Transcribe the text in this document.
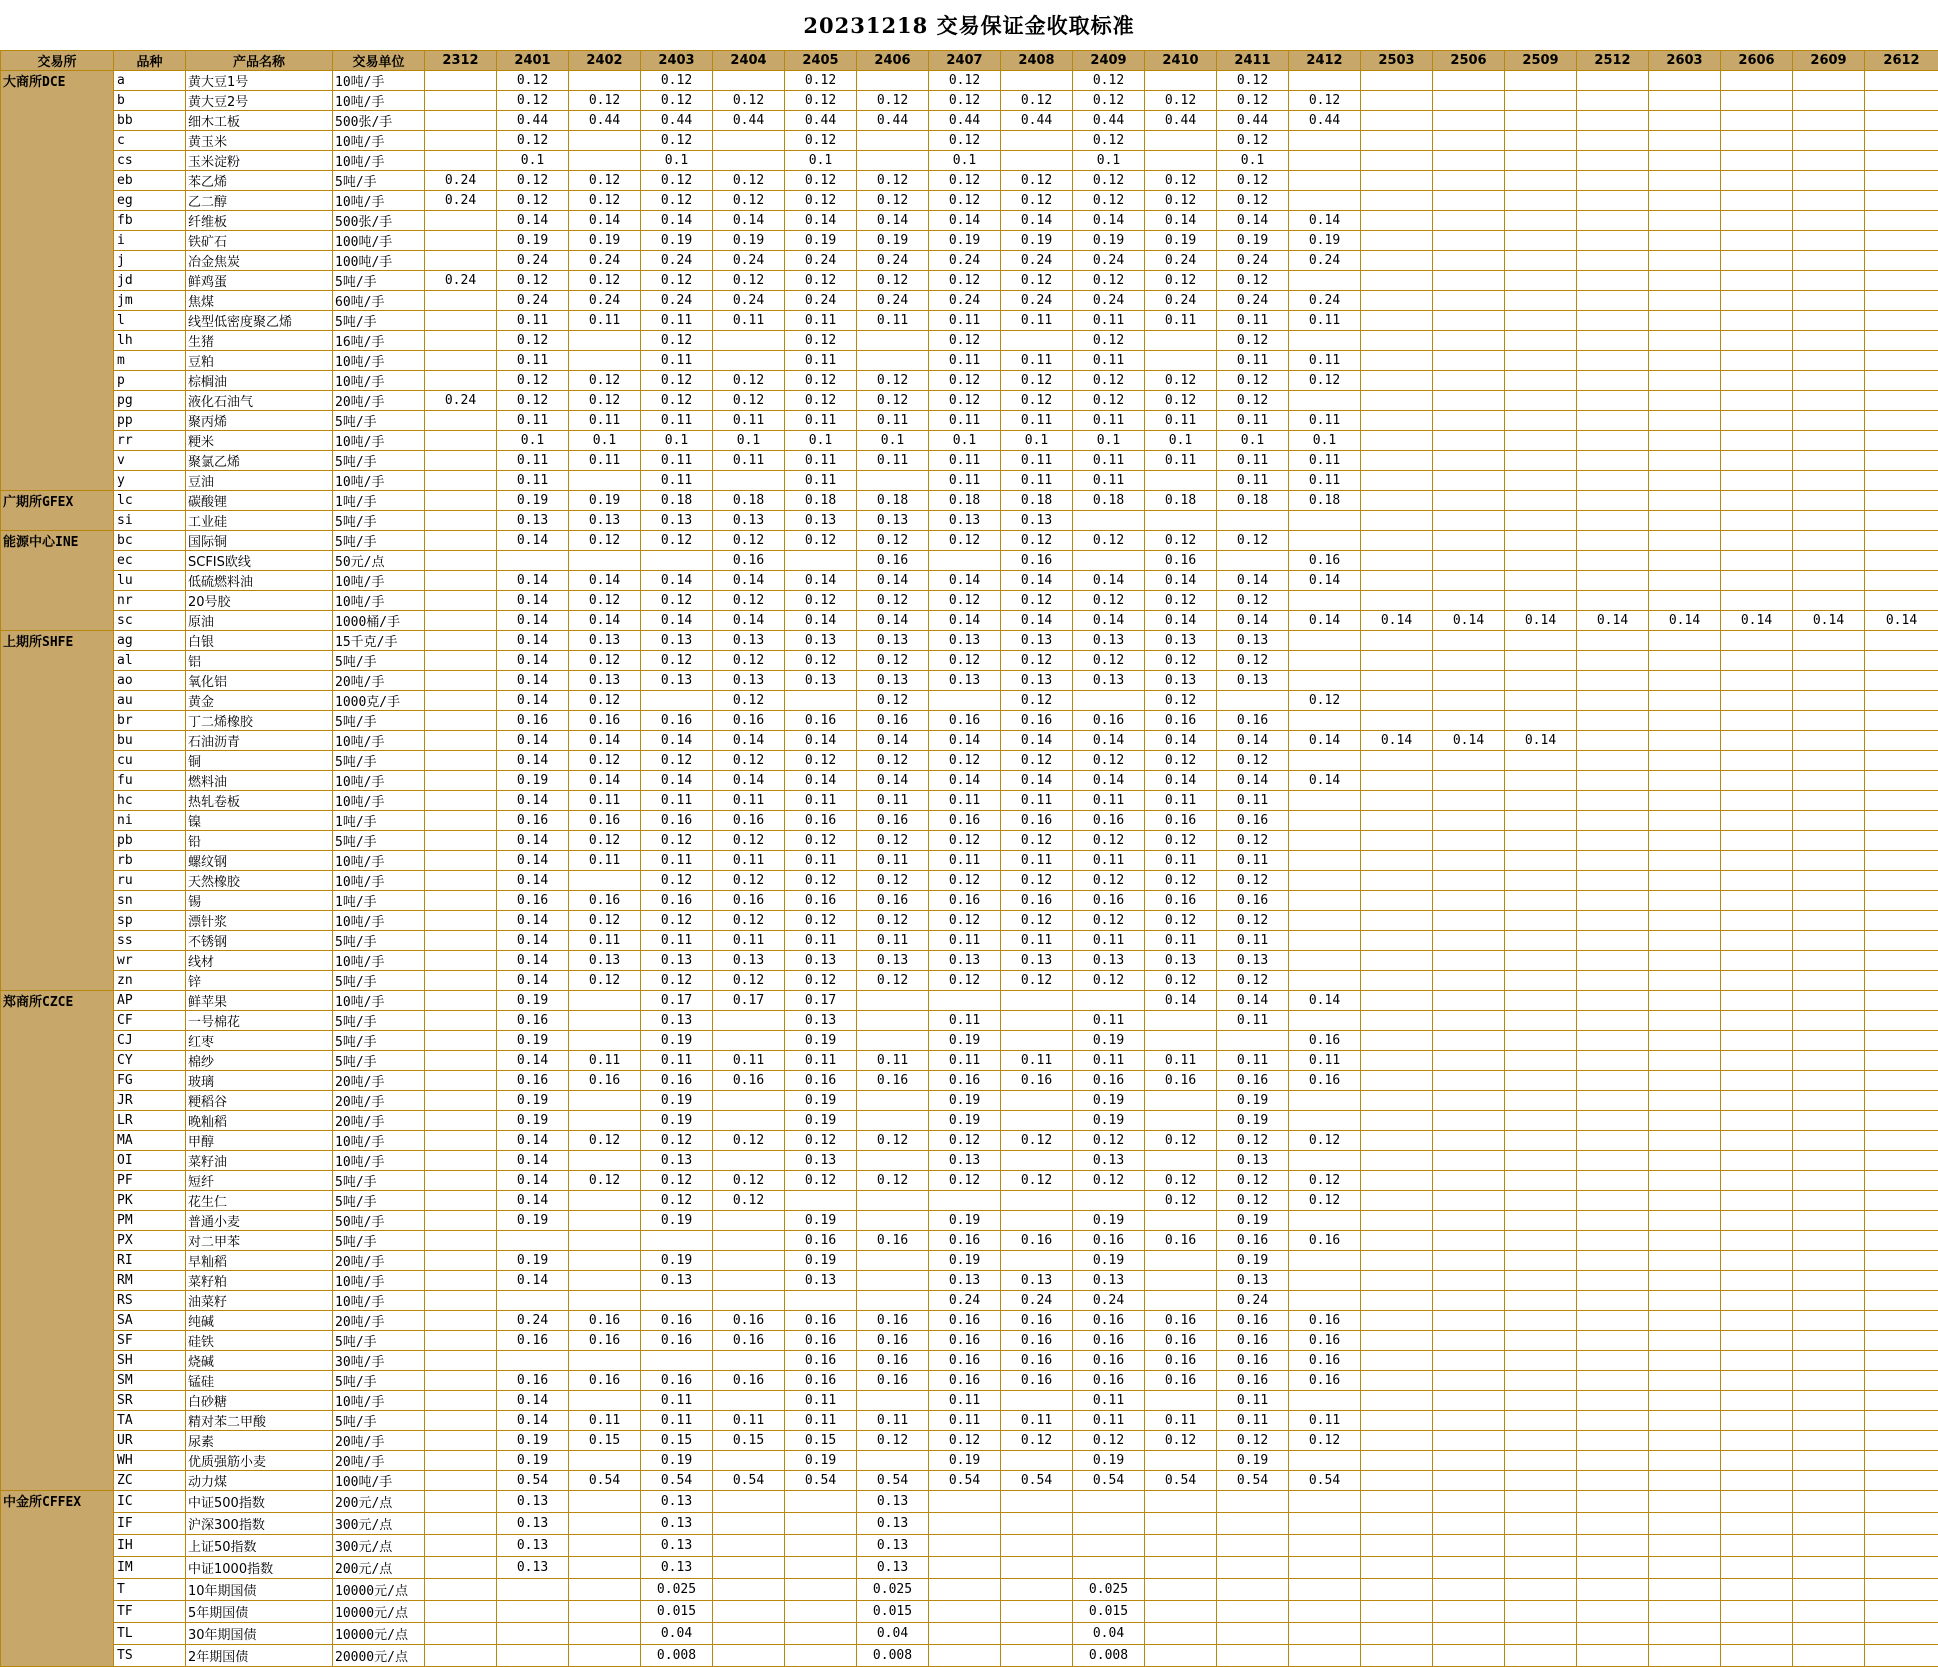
20231218 交易保证金收取标准
交易所	品种	产品名称	交易单位	2312	2401	2402	2403	2404	2405	2406	2407	2408	2409	2410	2411	2412	2503	2506	2509	2512	2603	2606	2609	2612
大商所DCE	a	黄大豆1号	10吨/手		0.12		0.12		0.12		0.12		0.12		0.12									
	b	黄大豆2号	10吨/手		0.12	0.12	0.12	0.12	0.12	0.12	0.12	0.12	0.12	0.12	0.12	0.12								
	bb	细木工板	500张/手		0.44	0.44	0.44	0.44	0.44	0.44	0.44	0.44	0.44	0.44	0.44	0.44								
	c	黄玉米	10吨/手		0.12		0.12		0.12		0.12		0.12		0.12									
	cs	玉米淀粉	10吨/手		0.1		0.1		0.1		0.1		0.1		0.1									
	eb	苯乙烯	5吨/手	0.24	0.12	0.12	0.12	0.12	0.12	0.12	0.12	0.12	0.12	0.12	0.12									
	eg	乙二醇	10吨/手	0.24	0.12	0.12	0.12	0.12	0.12	0.12	0.12	0.12	0.12	0.12	0.12									
	fb	纤维板	500张/手		0.14	0.14	0.14	0.14	0.14	0.14	0.14	0.14	0.14	0.14	0.14	0.14								
	i	铁矿石	100吨/手		0.19	0.19	0.19	0.19	0.19	0.19	0.19	0.19	0.19	0.19	0.19	0.19								
	j	冶金焦炭	100吨/手		0.24	0.24	0.24	0.24	0.24	0.24	0.24	0.24	0.24	0.24	0.24	0.24								
	jd	鲜鸡蛋	5吨/手	0.24	0.12	0.12	0.12	0.12	0.12	0.12	0.12	0.12	0.12	0.12	0.12									
	jm	焦煤	60吨/手		0.24	0.24	0.24	0.24	0.24	0.24	0.24	0.24	0.24	0.24	0.24	0.24								
	l	线型低密度聚乙烯	5吨/手		0.11	0.11	0.11	0.11	0.11	0.11	0.11	0.11	0.11	0.11	0.11	0.11								
	lh	生猪	16吨/手		0.12		0.12		0.12		0.12		0.12		0.12									
	m	豆粕	10吨/手		0.11		0.11		0.11		0.11	0.11	0.11		0.11	0.11								
	p	棕榈油	10吨/手		0.12	0.12	0.12	0.12	0.12	0.12	0.12	0.12	0.12	0.12	0.12	0.12								
	pg	液化石油气	20吨/手	0.24	0.12	0.12	0.12	0.12	0.12	0.12	0.12	0.12	0.12	0.12	0.12									
	pp	聚丙烯	5吨/手		0.11	0.11	0.11	0.11	0.11	0.11	0.11	0.11	0.11	0.11	0.11	0.11								
	rr	粳米	10吨/手		0.1	0.1	0.1	0.1	0.1	0.1	0.1	0.1	0.1	0.1	0.1	0.1								
	v	聚氯乙烯	5吨/手		0.11	0.11	0.11	0.11	0.11	0.11	0.11	0.11	0.11	0.11	0.11	0.11								
	y	豆油	10吨/手		0.11		0.11		0.11		0.11	0.11	0.11		0.11	0.11								
广期所GFEX	lc	碳酸锂	1吨/手		0.19	0.19	0.18	0.18	0.18	0.18	0.18	0.18	0.18	0.18	0.18	0.18								
	si	工业硅	5吨/手		0.13	0.13	0.13	0.13	0.13	0.13	0.13	0.13												
能源中心INE	bc	国际铜	5吨/手		0.14	0.12	0.12	0.12	0.12	0.12	0.12	0.12	0.12	0.12	0.12									
	ec	SCFIS欧线	50元/点					0.16		0.16		0.16		0.16		0.16								
	lu	低硫燃料油	10吨/手		0.14	0.14	0.14	0.14	0.14	0.14	0.14	0.14	0.14	0.14	0.14	0.14								
	nr	20号胶	10吨/手		0.14	0.12	0.12	0.12	0.12	0.12	0.12	0.12	0.12	0.12	0.12									
	sc	原油	1000桶/手		0.14	0.14	0.14	0.14	0.14	0.14	0.14	0.14	0.14	0.14	0.14	0.14	0.14	0.14	0.14	0.14	0.14	0.14	0.14	0.14
上期所SHFE	ag	白银	15千克/手		0.14	0.13	0.13	0.13	0.13	0.13	0.13	0.13	0.13	0.13	0.13									
	al	铝	5吨/手		0.14	0.12	0.12	0.12	0.12	0.12	0.12	0.12	0.12	0.12	0.12									
	ao	氧化铝	20吨/手		0.14	0.13	0.13	0.13	0.13	0.13	0.13	0.13	0.13	0.13	0.13									
	au	黄金	1000克/手		0.14	0.12		0.12		0.12		0.12		0.12		0.12								
	br	丁二烯橡胶	5吨/手		0.16	0.16	0.16	0.16	0.16	0.16	0.16	0.16	0.16	0.16	0.16									
	bu	石油沥青	10吨/手		0.14	0.14	0.14	0.14	0.14	0.14	0.14	0.14	0.14	0.14	0.14	0.14	0.14	0.14	0.14					
	cu	铜	5吨/手		0.14	0.12	0.12	0.12	0.12	0.12	0.12	0.12	0.12	0.12	0.12									
	fu	燃料油	10吨/手		0.19	0.14	0.14	0.14	0.14	0.14	0.14	0.14	0.14	0.14	0.14	0.14								
	hc	热轧卷板	10吨/手		0.14	0.11	0.11	0.11	0.11	0.11	0.11	0.11	0.11	0.11	0.11									
	ni	镍	1吨/手		0.16	0.16	0.16	0.16	0.16	0.16	0.16	0.16	0.16	0.16	0.16									
	pb	铅	5吨/手		0.14	0.12	0.12	0.12	0.12	0.12	0.12	0.12	0.12	0.12	0.12									
	rb	螺纹钢	10吨/手		0.14	0.11	0.11	0.11	0.11	0.11	0.11	0.11	0.11	0.11	0.11									
	ru	天然橡胶	10吨/手		0.14		0.12	0.12	0.12	0.12	0.12	0.12	0.12	0.12	0.12									
	sn	锡	1吨/手		0.16	0.16	0.16	0.16	0.16	0.16	0.16	0.16	0.16	0.16	0.16									
	sp	漂针浆	10吨/手		0.14	0.12	0.12	0.12	0.12	0.12	0.12	0.12	0.12	0.12	0.12									
	ss	不锈钢	5吨/手		0.14	0.11	0.11	0.11	0.11	0.11	0.11	0.11	0.11	0.11	0.11									
	wr	线材	10吨/手		0.14	0.13	0.13	0.13	0.13	0.13	0.13	0.13	0.13	0.13	0.13									
	zn	锌	5吨/手		0.14	0.12	0.12	0.12	0.12	0.12	0.12	0.12	0.12	0.12	0.12									
郑商所CZCE	AP	鲜苹果	10吨/手		0.19		0.17	0.17	0.17					0.14	0.14	0.14								
	CF	一号棉花	5吨/手		0.16		0.13		0.13		0.11		0.11		0.11									
	CJ	红枣	5吨/手		0.19		0.19		0.19		0.19		0.19			0.16								
	CY	棉纱	5吨/手		0.14	0.11	0.11	0.11	0.11	0.11	0.11	0.11	0.11	0.11	0.11	0.11								
	FG	玻璃	20吨/手		0.16	0.16	0.16	0.16	0.16	0.16	0.16	0.16	0.16	0.16	0.16	0.16								
	JR	粳稻谷	20吨/手		0.19		0.19		0.19		0.19		0.19		0.19									
	LR	晚籼稻	20吨/手		0.19		0.19		0.19		0.19		0.19		0.19									
	MA	甲醇	10吨/手		0.14	0.12	0.12	0.12	0.12	0.12	0.12	0.12	0.12	0.12	0.12	0.12								
	OI	菜籽油	10吨/手		0.14		0.13		0.13		0.13		0.13		0.13									
	PF	短纤	5吨/手		0.14	0.12	0.12	0.12	0.12	0.12	0.12	0.12	0.12	0.12	0.12	0.12								
	PK	花生仁	5吨/手		0.14		0.12	0.12						0.12	0.12	0.12								
	PM	普通小麦	50吨/手		0.19		0.19		0.19		0.19		0.19		0.19									
	PX	对二甲苯	5吨/手						0.16	0.16	0.16	0.16	0.16	0.16	0.16	0.16								
	RI	早籼稻	20吨/手		0.19		0.19		0.19		0.19		0.19		0.19									
	RM	菜籽粕	10吨/手		0.14		0.13		0.13		0.13	0.13	0.13		0.13									
	RS	油菜籽	10吨/手								0.24	0.24	0.24		0.24									
	SA	纯碱	20吨/手		0.24	0.16	0.16	0.16	0.16	0.16	0.16	0.16	0.16	0.16	0.16	0.16								
	SF	硅铁	5吨/手		0.16	0.16	0.16	0.16	0.16	0.16	0.16	0.16	0.16	0.16	0.16	0.16								
	SH	烧碱	30吨/手						0.16	0.16	0.16	0.16	0.16	0.16	0.16	0.16								
	SM	锰硅	5吨/手		0.16	0.16	0.16	0.16	0.16	0.16	0.16	0.16	0.16	0.16	0.16	0.16								
	SR	白砂糖	10吨/手		0.14		0.11		0.11		0.11		0.11		0.11									
	TA	精对苯二甲酸	5吨/手		0.14	0.11	0.11	0.11	0.11	0.11	0.11	0.11	0.11	0.11	0.11	0.11								
	UR	尿素	20吨/手		0.19	0.15	0.15	0.15	0.15	0.12	0.12	0.12	0.12	0.12	0.12	0.12								
	WH	优质强筋小麦	20吨/手		0.19		0.19		0.19		0.19		0.19		0.19									
	ZC	动力煤	100吨/手		0.54	0.54	0.54	0.54	0.54	0.54	0.54	0.54	0.54	0.54	0.54	0.54								
中金所CFFEX	IC	中证500指数	200元/点		0.13		0.13			0.13														
	IF	沪深300指数	300元/点		0.13		0.13			0.13														
	IH	上证50指数	300元/点		0.13		0.13			0.13														
	IM	中证1000指数	200元/点		0.13		0.13			0.13														
	T	10年期国债	10000元/点				0.025			0.025			0.025											
	TF	5年期国债	10000元/点				0.015			0.015			0.015											
	TL	30年期国债	10000元/点				0.04			0.04			0.04											
	TS	2年期国债	20000元/点				0.008			0.008			0.008											
